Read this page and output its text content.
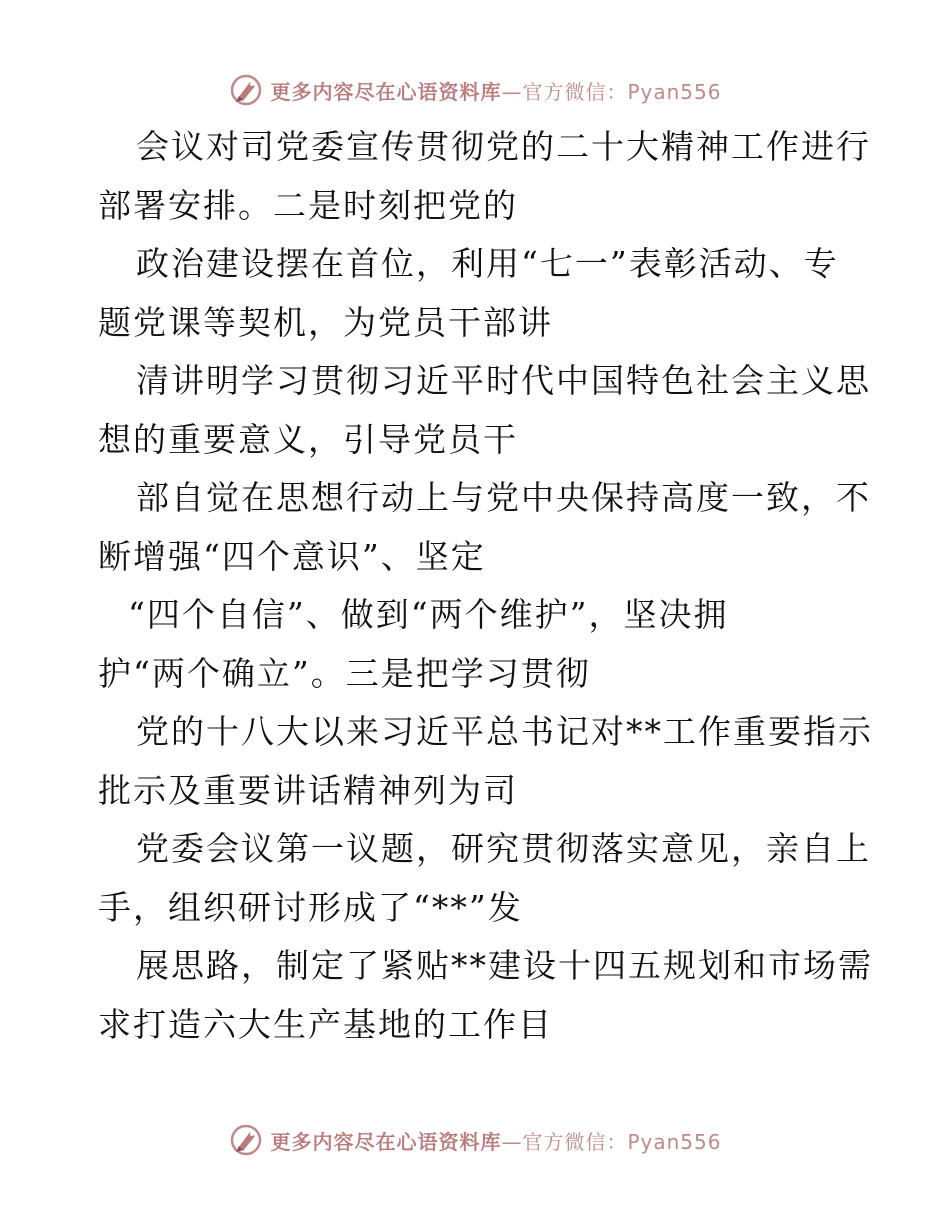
更多内容尽在心语资料库—官方微信：Pyan556
会议对司党委宣传贯彻党的二十大精神工作进行
部署安排。二是时刻把党的
政治建设摆在首位，利用“七一”表彰活动、专
题党课等契机，为党员干部讲
清讲明学习贯彻习近平时代中国特色社会主义思
想的重要意义，引导党员干
部自觉在思想行动上与党中央保持高度一致，不
断增强“四个意识”、坚定
“四个自信”、做到“两个维护”，坚决拥
护“两个确立”。三是把学习贯彻
党的十八大以来习近平总书记对**工作重要指示
批示及重要讲话精神列为司
党委会议第一议题，研究贯彻落实意见，亲自上
手，组织研讨形成了“**”发
展思路，制定了紧贴**建设十四五规划和市场需
求打造六大生产基地的工作目
更多内容尽在心语资料库—官方微信：Pyan556
